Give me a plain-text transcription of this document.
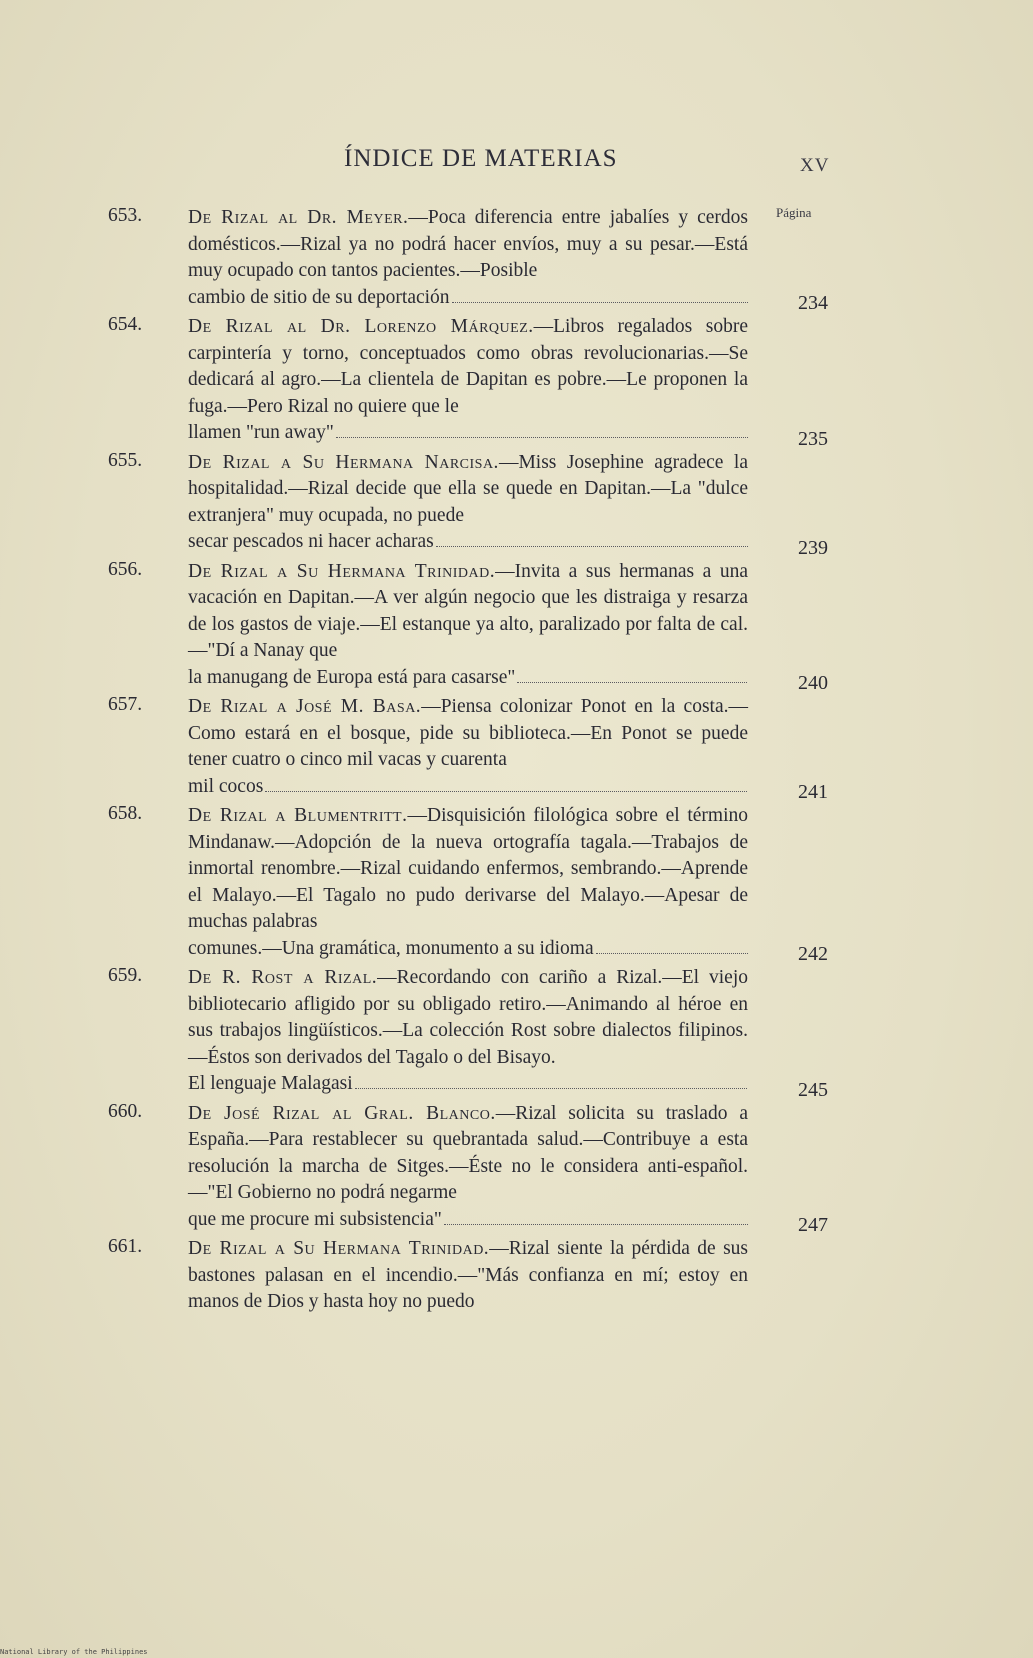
ÍNDICE DE MATERIAS	XV
Página
653.	De Rizal al Dr. Meyer.—Poca diferencia entre jabalíes y cerdos domésticos.—Rizal ya no podrá hacer envíos, muy a su pesar.—Está muy ocupado con tantos pacientes.—Posible
cambio de sitio de su deportación	234
654.	De Rizal al Dr. Lorenzo Márquez.—Libros regalados sobre carpintería y torno, conceptuados como obras revolucionarias.—Se dedicará al agro.—La clientela de Dapitan es pobre.—Le proponen la fuga.—Pero Rizal no quiere que le
llamen "run away"	235
655.	De Rizal a Su Hermana Narcisa.—Miss Josephine agradece la hospitalidad.—Rizal decide que ella se quede en Dapitan.—La "dulce extranjera" muy ocupada, no puede
secar pescados ni hacer acharas	239
656.	De Rizal a Su Hermana Trinidad.—Invita a sus hermanas a una vacación en Dapitan.—A ver algún negocio que les distraiga y resarza de los gastos de viaje.—El estanque ya alto, paralizado por falta de cal.—"Dí a Nanay que
la manugang de Europa está para casarse"	240
657.	De Rizal a José M. Basa.—Piensa colonizar Ponot en la costa.—Como estará en el bosque, pide su biblioteca.—En Ponot se puede tener cuatro o cinco mil vacas y cuarenta
mil cocos	241
658.	De Rizal a Blumentritt.—Disquisición filológica sobre el término Mindanaw.—Adopción de la nueva ortografía tagala.—Trabajos de inmortal renombre.—Rizal cuidando enfermos, sembrando.—Aprende el Malayo.—El Tagalo no pudo derivarse del Malayo.—Apesar de muchas palabras
comunes.—Una gramática, monumento a su idioma	242
659.	De R. Rost a Rizal.—Recordando con cariño a Rizal.—El viejo bibliotecario afligido por su obligado retiro.—Animando al héroe en sus trabajos lingüísticos.—La colección Rost sobre dialectos filipinos.—Éstos son derivados del Tagalo o del Bisayo.
El lenguaje Malagasi	245
660.	De José Rizal al Gral. Blanco.—Rizal solicita su traslado a España.—Para restablecer su quebrantada salud.—Contribuye a esta resolución la marcha de Sitges.—Éste no le considera anti-español.—"El Gobierno no podrá negarme
que me procure mi subsistencia"	247
661.	De Rizal a Su Hermana Trinidad.—Rizal siente la pérdida de sus bastones palasan en el incendio.—"Más confianza en mí; estoy en manos de Dios y hasta hoy no puedo
National Library of the Philippines
